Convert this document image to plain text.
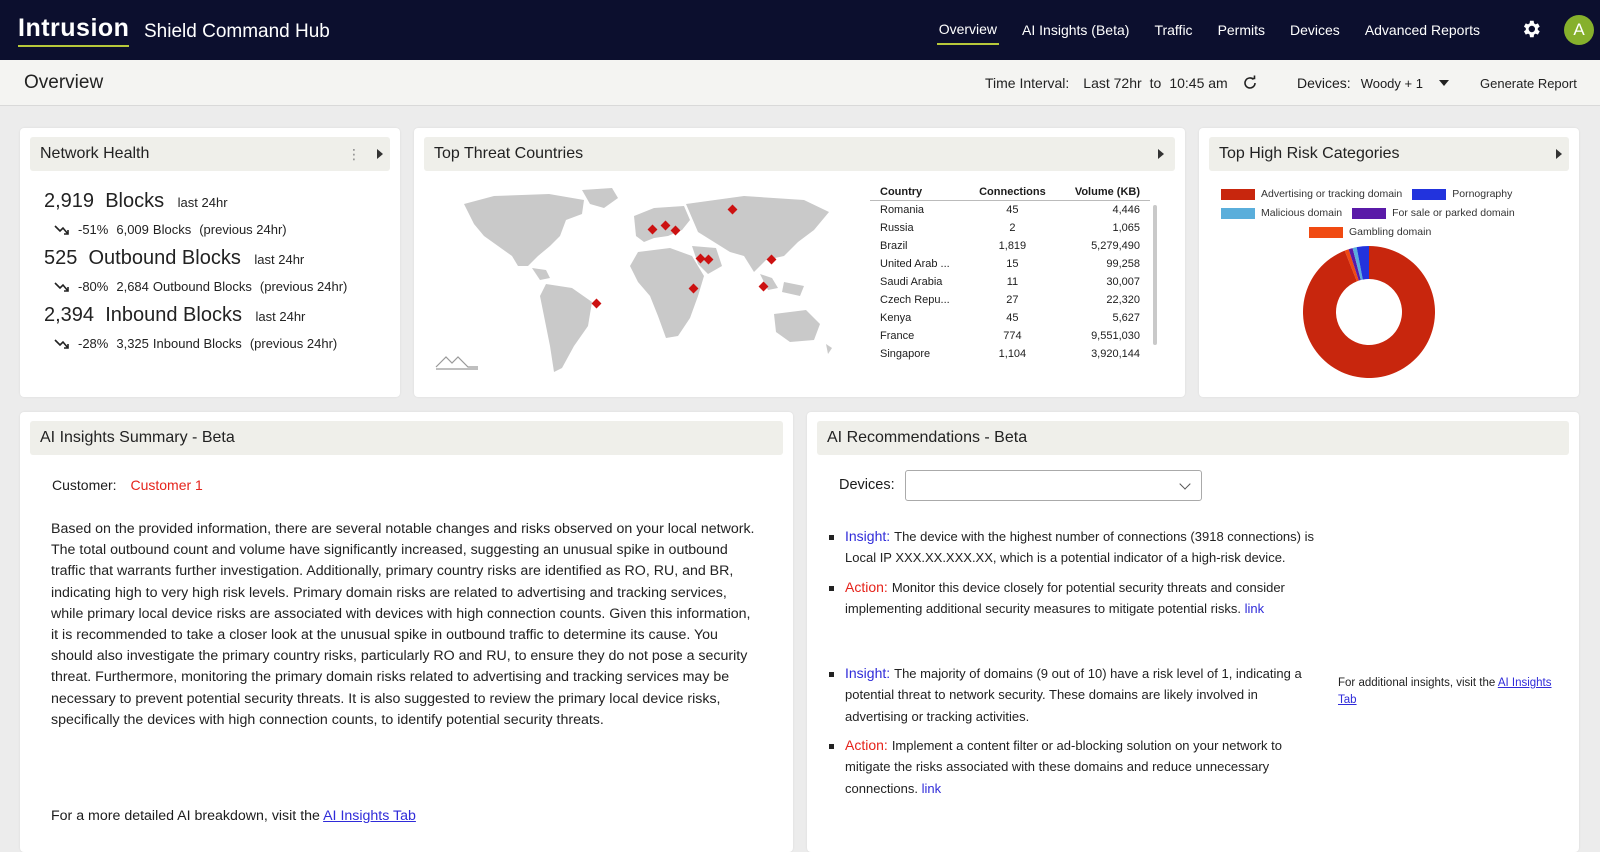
Intrusion Shield Command Hub	Overview AI Insights (Beta) Traffic Permits Devices Advanced Reports	A
Overview	Time Interval: Last 72hr to 10:45 am	Devices: Woody + 1	Generate Report
Network Health	⋮
2,919 Blocks last 24hr
-51% 6,009 Blocks (previous 24hr)
525 Outbound Blocks last 24hr
-80% 2,684 Outbound Blocks (previous 24hr)
2,394 Inbound Blocks last 24hr
-28% 3,325 Inbound Blocks (previous 24hr)
Top Threat Countries
Country	Connections	Volume (KB)
Romania	45	4,446
Russia	2	1,065
Brazil	1,819	5,279,490
United Arab ...	15	99,258
Saudi Arabia	11	30,007
Czech Repu...	27	22,320
Kenya	45	5,627
France	774	9,551,030
Singapore	1,104	3,920,144
Top High Risk Categories
Advertising or tracking domain	Pornography
Malicious domain	For sale or parked domain
Gambling domain
AI Insights Summary - Beta
Customer: Customer 1
Based on the provided information, there are several notable changes and risks observed on your local network. The total outbound count and volume have significantly increased, suggesting an unusual spike in outbound traffic that warrants further investigation. Additionally, primary country risks are identified as RO, RU, and BR, indicating high to very high risk levels. Primary domain risks are related to advertising and tracking services, while primary local device risks are associated with devices with high connection counts. Given this information, it is recommended to take a closer look at the unusual spike in outbound traffic to determine its cause. You should also investigate the primary country risks, particularly RO and RU, to ensure they do not pose a security threat. Furthermore, monitoring the primary domain risks related to advertising and tracking services may be necessary to prevent potential security threats. It is also suggested to review the primary local device risks, specifically the devices with high connection counts, to identify potential security threats.
For a more detailed AI breakdown, visit the AI Insights Tab
AI Recommendations - Beta
Devices:
Insight: The device with the highest number of connections (3918 connections) is Local IP XXX.XX.XXX.XX, which is a potential indicator of a high-risk device.
Action: Monitor this device closely for potential security threats and consider implementing additional security measures to mitigate potential risks. link
Insight: The majority of domains (9 out of 10) have a risk level of 1, indicating a potential threat to network security. These domains are likely involved in advertising or tracking activities.
Action: Implement a content filter or ad-blocking solution on your network to mitigate the risks associated with these domains and reduce unnecessary connections. link
For additional insights, visit the AI Insights Tab
